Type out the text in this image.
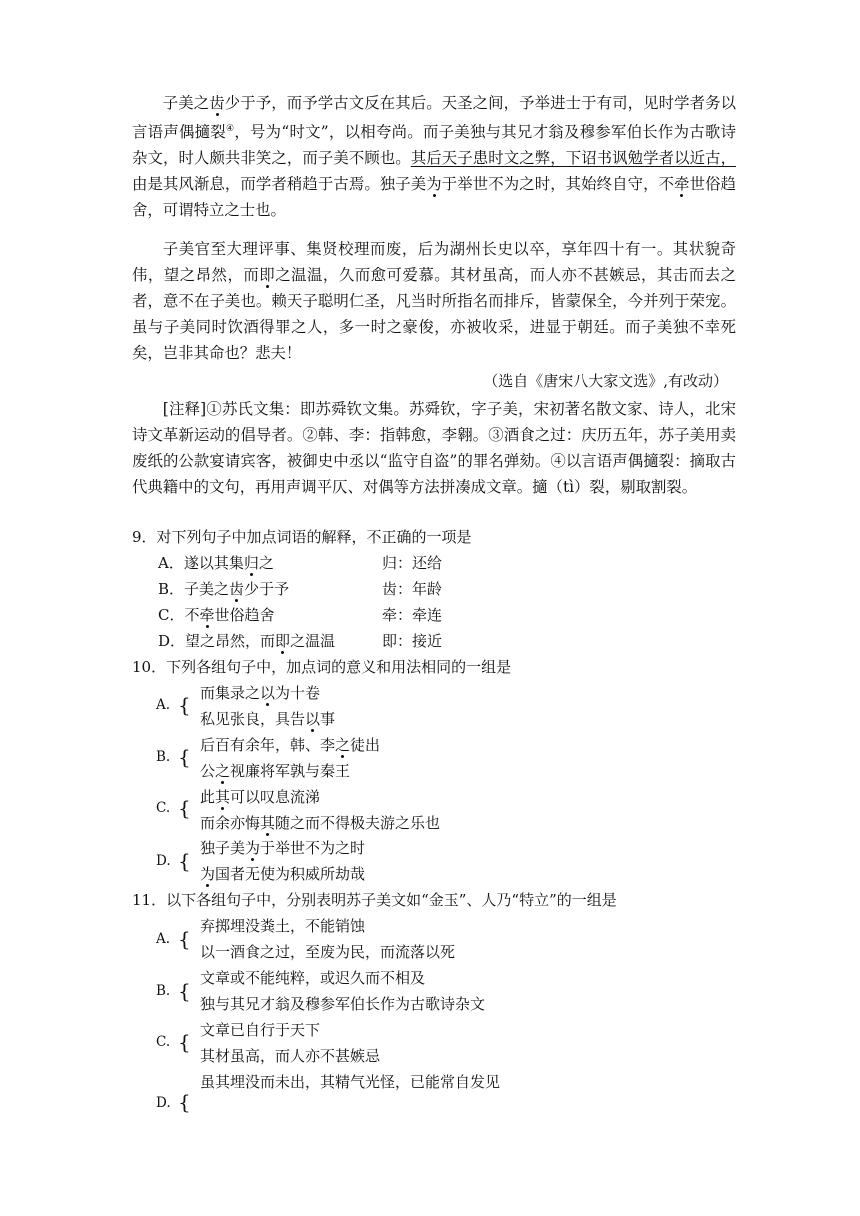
子美之齿少于予，而予学古文反在其后。天圣之间，予举进士于有司，见时学者务以言语声偶擿裂④，号为“时文”，以相夸尚。而子美独与其兄才翁及穆参军伯长作为古歌诗杂文，时人颇共非笑之，而子美不顾也。其后天子患时文之弊，下诏书讽勉学者以近古，由是其风渐息，而学者稍趋于古焉。独子美为于举世不为之时，其始终自守，不牵世俗趋舍，可谓特立之士也。
子美官至大理评事、集贤校理而废，后为湖州长史以卒，享年四十有一。其状貌奇伟，望之昂然，而即之温温，久而愈可爱慕。其材虽高，而人亦不甚嫉忌，其击而去之者，意不在子美也。赖天子聪明仁圣，凡当时所指名而排斥，皆蒙保全，今并列于荣宠。虽与子美同时饮酒得罪之人，多一时之豪俊，亦被收采，进显于朝廷。而子美独不幸死矣，岂非其命也？悲夫！
（选自《唐宋八大家文选》,有改动）
[注释]①苏氏文集：即苏舜钦文集。苏舜钦，字子美，宋初著名散文家、诗人，北宋诗文革新运动的倡导者。②韩、李：指韩愈，李翱。③酒食之过：庆历五年，苏子美用卖废纸的公款宴请宾客，被御史中丞以“监守自盗”的罪名弹劾。④以言语声偶擿裂：摘取古代典籍中的文句，再用声调平仄、对偶等方法拼凑成文章。擿（tì）裂，剔取割裂。
9．对下列句子中加点词语的解释，不正确的一项是
A．遂以其集归之	归：还给
B．子美之齿少于予	齿：年龄
C．不牵世俗趋舍	牵：牵连
D．望之昂然，而即之温温	即：接近
10．下列各组句子中，加点词的意义和用法相同的一组是
A. { 而集录之以为十卷
私见张良，具告以事
B. { 后百有余年，韩、李之徒出
公之视廉将军孰与秦王
C. { 此其可以叹息流涕
而余亦悔其随之而不得极夫游之乐也
D. {
独子美为于举世不为之时
为国者无使为积威所劫哉
11．以下各组句子中，分别表明苏子美文如“金玉”、人乃“特立”的一组是
A. {
弃掷埋没粪土，不能销蚀
以一酒食之过，至废为民，而流落以死
B. {
文章或不能纯粹，或迟久而不相及
独与其兄才翁及穆参军伯长作为古歌诗杂文
C. { 文章已自行于天下
其材虽高，而人亦不甚嫉忌
D. {
虽其埋没而未出，其精气光怪，已能常自发见
